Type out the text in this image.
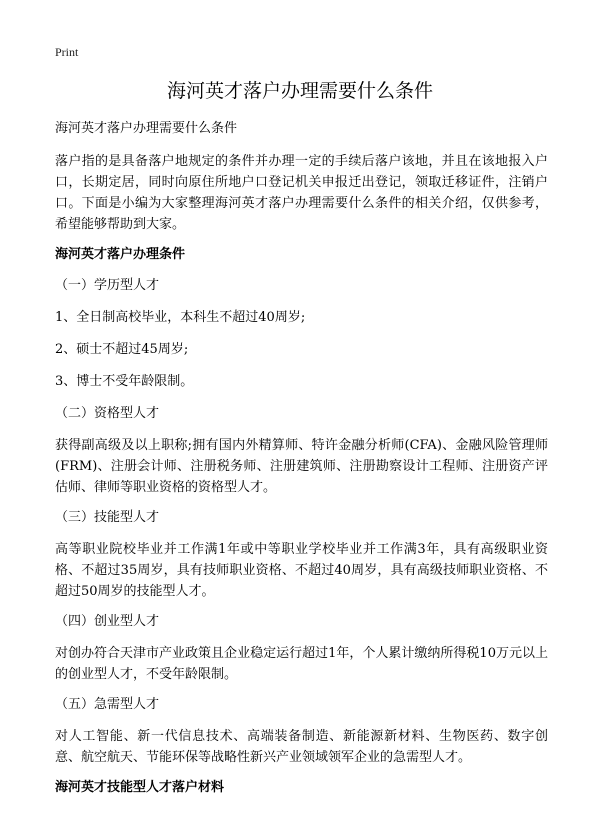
Print
海河英才落户办理需要什么条件

海河英才落户办理需要什么条件

落户指的是具备落户地规定的条件并办理一定的手续后落户该地，并且在该地报入户口，长期定居，同时向原住所地户口登记机关申报迁出登记，领取迁移证件，注销户口。下面是小编为大家整理海河英才落户办理需要什么条件的相关介绍，仅供参考，希望能够帮助到大家。

海河英才落户办理条件
（一）学历型人才
1、全日制高校毕业，本科生不超过40周岁;
2、硕士不超过45周岁;
3、博士不受年龄限制。
（二）资格型人才

获得副高级及以上职称;拥有国内外精算师、特许金融分析师(CFA)、金融风险管理师(FRM)、注册会计师、注册税务师、注册建筑师、注册勘察设计工程师、注册资产评估师、律师等职业资格的资格型人才。

（三）技能型人才

高等职业院校毕业并工作满1年或中等职业学校毕业并工作满3年，具有高级职业资格、不超过35周岁，具有技师职业资格、不超过40周岁，具有高级技师职业资格、不超过50周岁的技能型人才。

（四）创业型人才

对创办符合天津市产业政策且企业稳定运行超过1年，个人累计缴纳所得税10万元以上的创业型人才，不受年龄限制。

（五）急需型人才

对人工智能、新一代信息技术、高端装备制造、新能源新材料、生物医药、数字创意、航空航天、节能环保等战略性新兴产业领域领军企业的急需型人才。

海河英才技能型人才落户材料
